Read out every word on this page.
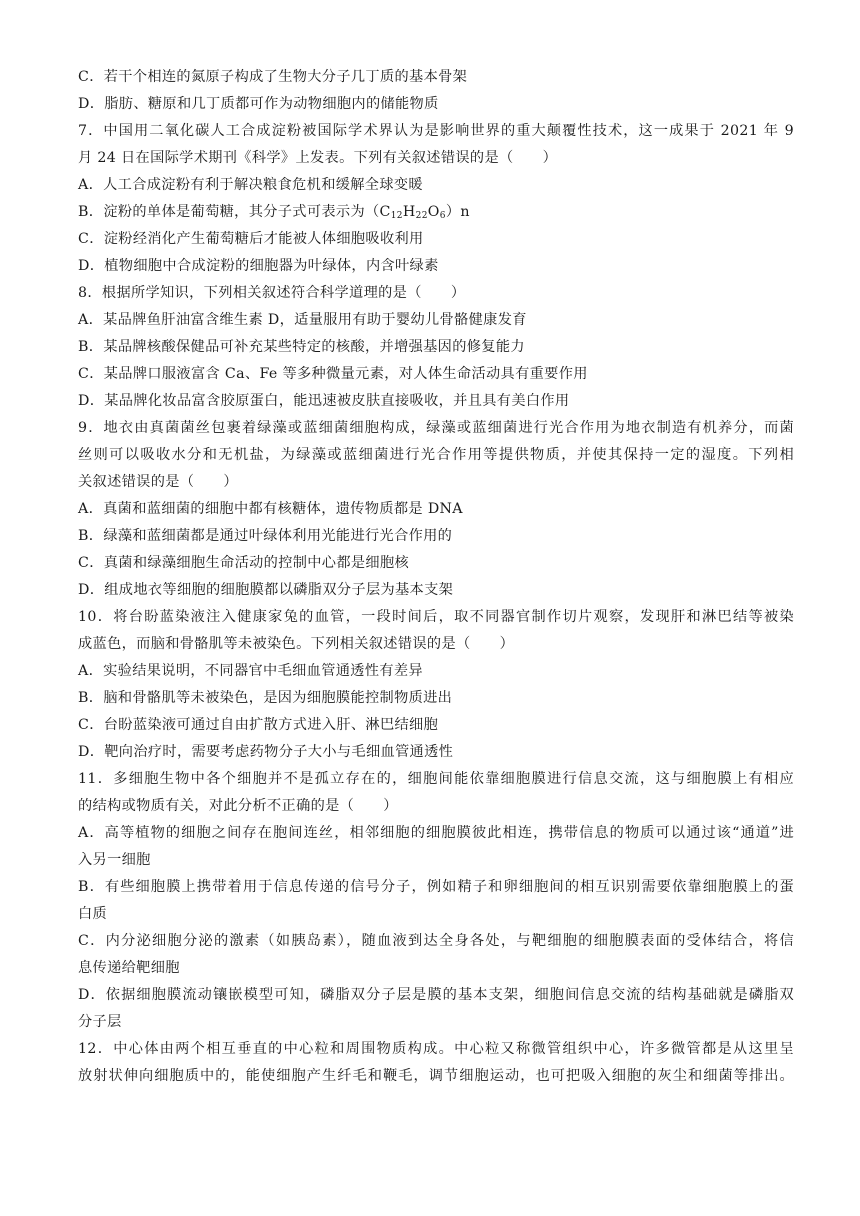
C．若干个相连的氮原子构成了生物大分子几丁质的基本骨架
D．脂肪、糖原和几丁质都可作为动物细胞内的储能物质
7．中国用二氧化碳人工合成淀粉被国际学术界认为是影响世界的重大颠覆性技术，这一成果于 2021 年 9
月 24 日在国际学术期刊《科学》上发表。下列有关叙述错误的是（　　）
A．人工合成淀粉有利于解决粮食危机和缓解全球变暖
B．淀粉的单体是葡萄糖，其分子式可表示为$(C_{12}H_{22}O_6)n$
C．淀粉经消化产生葡萄糖后才能被人体细胞吸收利用
D．植物细胞中合成淀粉的细胞器为叶绿体，内含叶绿素
8．根据所学知识，下列相关叙述符合科学道理的是（　　）
A．某品牌鱼肝油富含维生素 D，适量服用有助于婴幼儿骨骼健康发育
B．某品牌核酸保健品可补充某些特定的核酸，并增强基因的修复能力
C．某品牌口服液富含 Ca、Fe 等多种微量元素，对人体生命活动具有重要作用
D．某品牌化妆品富含胶原蛋白，能迅速被皮肤直接吸收，并且具有美白作用
9．地衣由真菌菌丝包裹着绿藻或蓝细菌细胞构成，绿藻或蓝细菌进行光合作用为地衣制造有机养分，而菌
丝则可以吸收水分和无机盐，为绿藻或蓝细菌进行光合作用等提供物质，并使其保持一定的湿度。下列相
关叙述错误的是（　　）
A．真菌和蓝细菌的细胞中都有核糖体，遗传物质都是 DNA
B．绿藻和蓝细菌都是通过叶绿体利用光能进行光合作用的
C．真菌和绿藻细胞生命活动的控制中心都是细胞核
D．组成地衣等细胞的细胞膜都以磷脂双分子层为基本支架
10．将台盼蓝染液注入健康家兔的血管，一段时间后，取不同器官制作切片观察，发现肝和淋巴结等被染
成蓝色，而脑和骨骼肌等未被染色。下列相关叙述错误的是（　　）
A．实验结果说明，不同器官中毛细血管通透性有差异
B．脑和骨骼肌等未被染色，是因为细胞膜能控制物质进出
C．台盼蓝染液可通过自由扩散方式进入肝、淋巴结细胞
D．靶向治疗时，需要考虑药物分子大小与毛细血管通透性
11．多细胞生物中各个细胞并不是孤立存在的，细胞间能依靠细胞膜进行信息交流，这与细胞膜上有相应
的结构或物质有关，对此分析不正确的是（　　）
A．高等植物的细胞之间存在胞间连丝，相邻细胞的细胞膜彼此相连，携带信息的物质可以通过该“通道”进
入另一细胞
B．有些细胞膜上携带着用于信息传递的信号分子，例如精子和卵细胞间的相互识别需要依靠细胞膜上的蛋
白质
C．内分泌细胞分泌的激素（如胰岛素），随血液到达全身各处，与靶细胞的细胞膜表面的受体结合，将信
息传递给靶细胞
D．依据细胞膜流动镶嵌模型可知，磷脂双分子层是膜的基本支架，细胞间信息交流的结构基础就是磷脂双
分子层
12．中心体由两个相互垂直的中心粒和周围物质构成。中心粒又称微管组织中心，许多微管都是从这里呈
放射状伸向细胞质中的，能使细胞产生纤毛和鞭毛，调节细胞运动，也可把吸入细胞的灰尘和细菌等排出。
